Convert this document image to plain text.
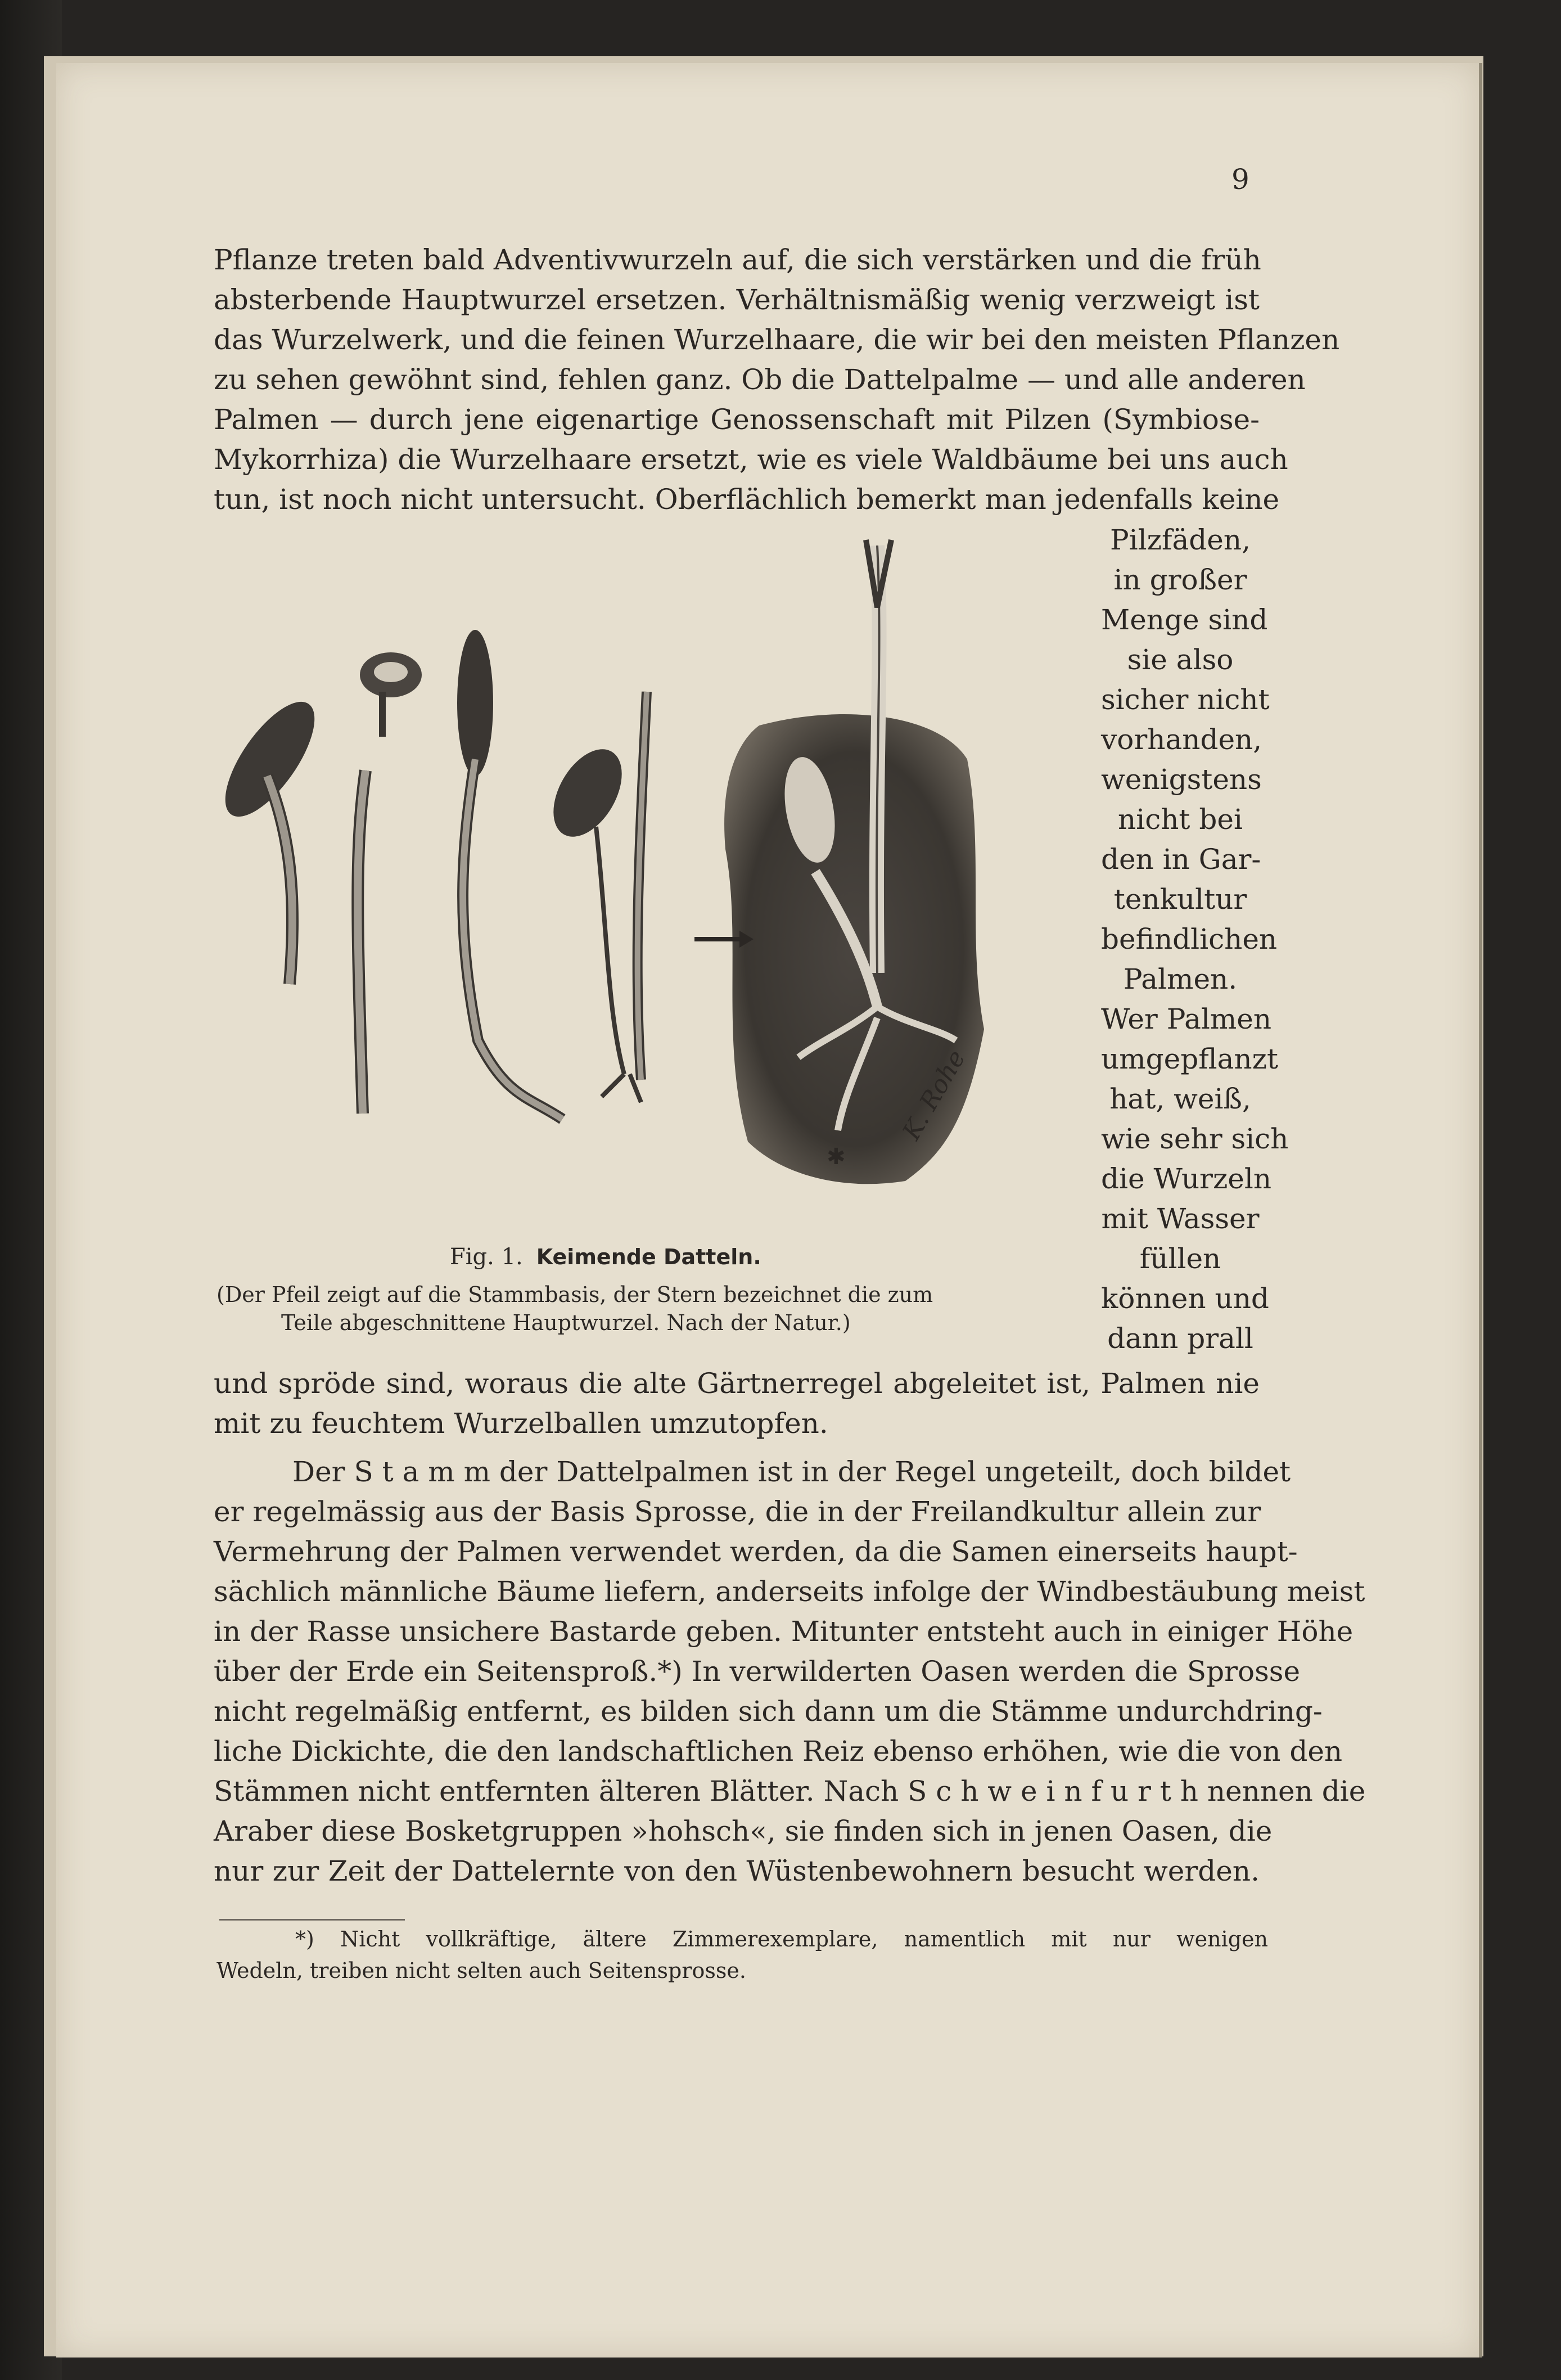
9
Pflanze treten bald Adventivwurzeln auf, die sich verstärken und die früh
absterbende Hauptwurzel ersetzen. Verhältnismäßig wenig verzweigt ist
das Wurzelwerk, und die feinen Wurzelhaare, die wir bei den meisten Pflanzen
zu sehen gewöhnt sind, fehlen ganz. Ob die Dattelpalme — und alle anderen
Palmen — durch jene eigenartige Genossenschaft mit Pilzen (Symbiose-
Mykorrhiza) die Wurzelhaare ersetzt, wie es viele Waldbäume bei uns auch
tun, ist noch nicht untersucht. Oberflächlich bemerkt man jedenfalls keine
Pilzfäden,
in großer
Menge sind
sie also
sicher nicht
vorhanden,
wenigstens
nicht bei
den in Gar-
tenkultur
befindlichen
Palmen.
Wer Palmen
umgepflanzt
hat, weiß,
wie sehr sich
die Wurzeln
mit Wasser
füllen
können und
dann prall
✱
K. Rohe
Fig. 1. Keimende Datteln.
(Der Pfeil zeigt auf die Stammbasis, der Stern bezeichnet die zum
Teile abgeschnittene Hauptwurzel. Nach der Natur.)
und spröde sind, woraus die alte Gärtnerregel abgeleitet ist, Palmen nie
mit zu feuchtem Wurzelballen umzutopfen.
Der S t a m m der Dattelpalmen ist in der Regel ungeteilt, doch bildet
er regelmässig aus der Basis Sprosse, die in der Freilandkultur allein zur
Vermehrung der Palmen verwendet werden, da die Samen einerseits haupt-
sächlich männliche Bäume liefern, anderseits infolge der Windbestäubung meist
in der Rasse unsichere Bastarde geben. Mitunter entsteht auch in einiger Höhe
über der Erde ein Seitensproß.*) In verwilderten Oasen werden die Sprosse
nicht regelmäßig entfernt, es bilden sich dann um die Stämme undurchdring-
liche Dickichte, die den landschaftlichen Reiz ebenso erhöhen, wie die von den
Stämmen nicht entfernten älteren Blätter. Nach S c h w e i n f u r t h nennen die
Araber diese Bosketgruppen »hohsch«, sie finden sich in jenen Oasen, die
nur zur Zeit der Dattelernte von den Wüstenbewohnern besucht werden.
*) Nicht vollkräftige, ältere Zimmerexemplare, namentlich mit nur wenigen
Wedeln, treiben nicht selten auch Seitensprosse.
